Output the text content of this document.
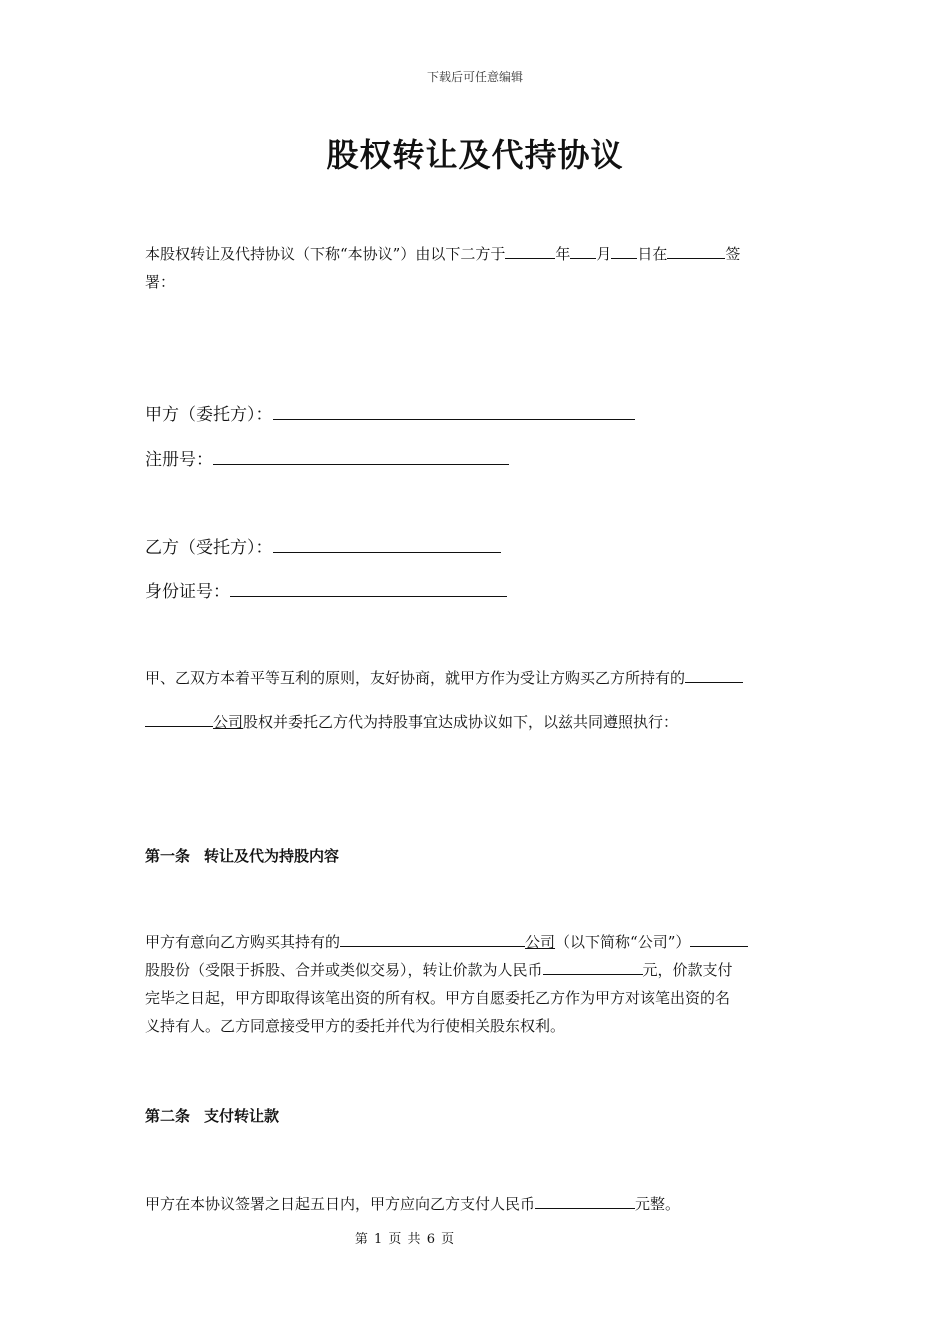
下载后可任意编辑
股权转让及代持协议
本股权转让及代持协议（下称“本协议”）由以下二方于	年 月 日在	签
署：
甲方（委托方）：
注册号：
乙方（受托方）：
身份证号：
甲、乙双方本着平等互利的原则，友好协商，就甲方作为受让方购买乙方所持有的
公司股权并委托乙方代为持股事宜达成协议如下，以兹共同遵照执行：
第一条 转让及代为持股内容
甲方有意向乙方购买其持有的	公司（以下简称“公司”）
股股份（受限于拆股、合并或类似交易），转让价款为人民币	元，价款支付
完毕之日起，甲方即取得该笔出资的所有权。甲方自愿委托乙方作为甲方对该笔出资的名
义持有人。乙方同意接受甲方的委托并代为行使相关股东权利。
第二条 支付转让款
甲方在本协议签署之日起五日内，甲方应向乙方支付人民币	元整。
第 1 页 共 6 页
